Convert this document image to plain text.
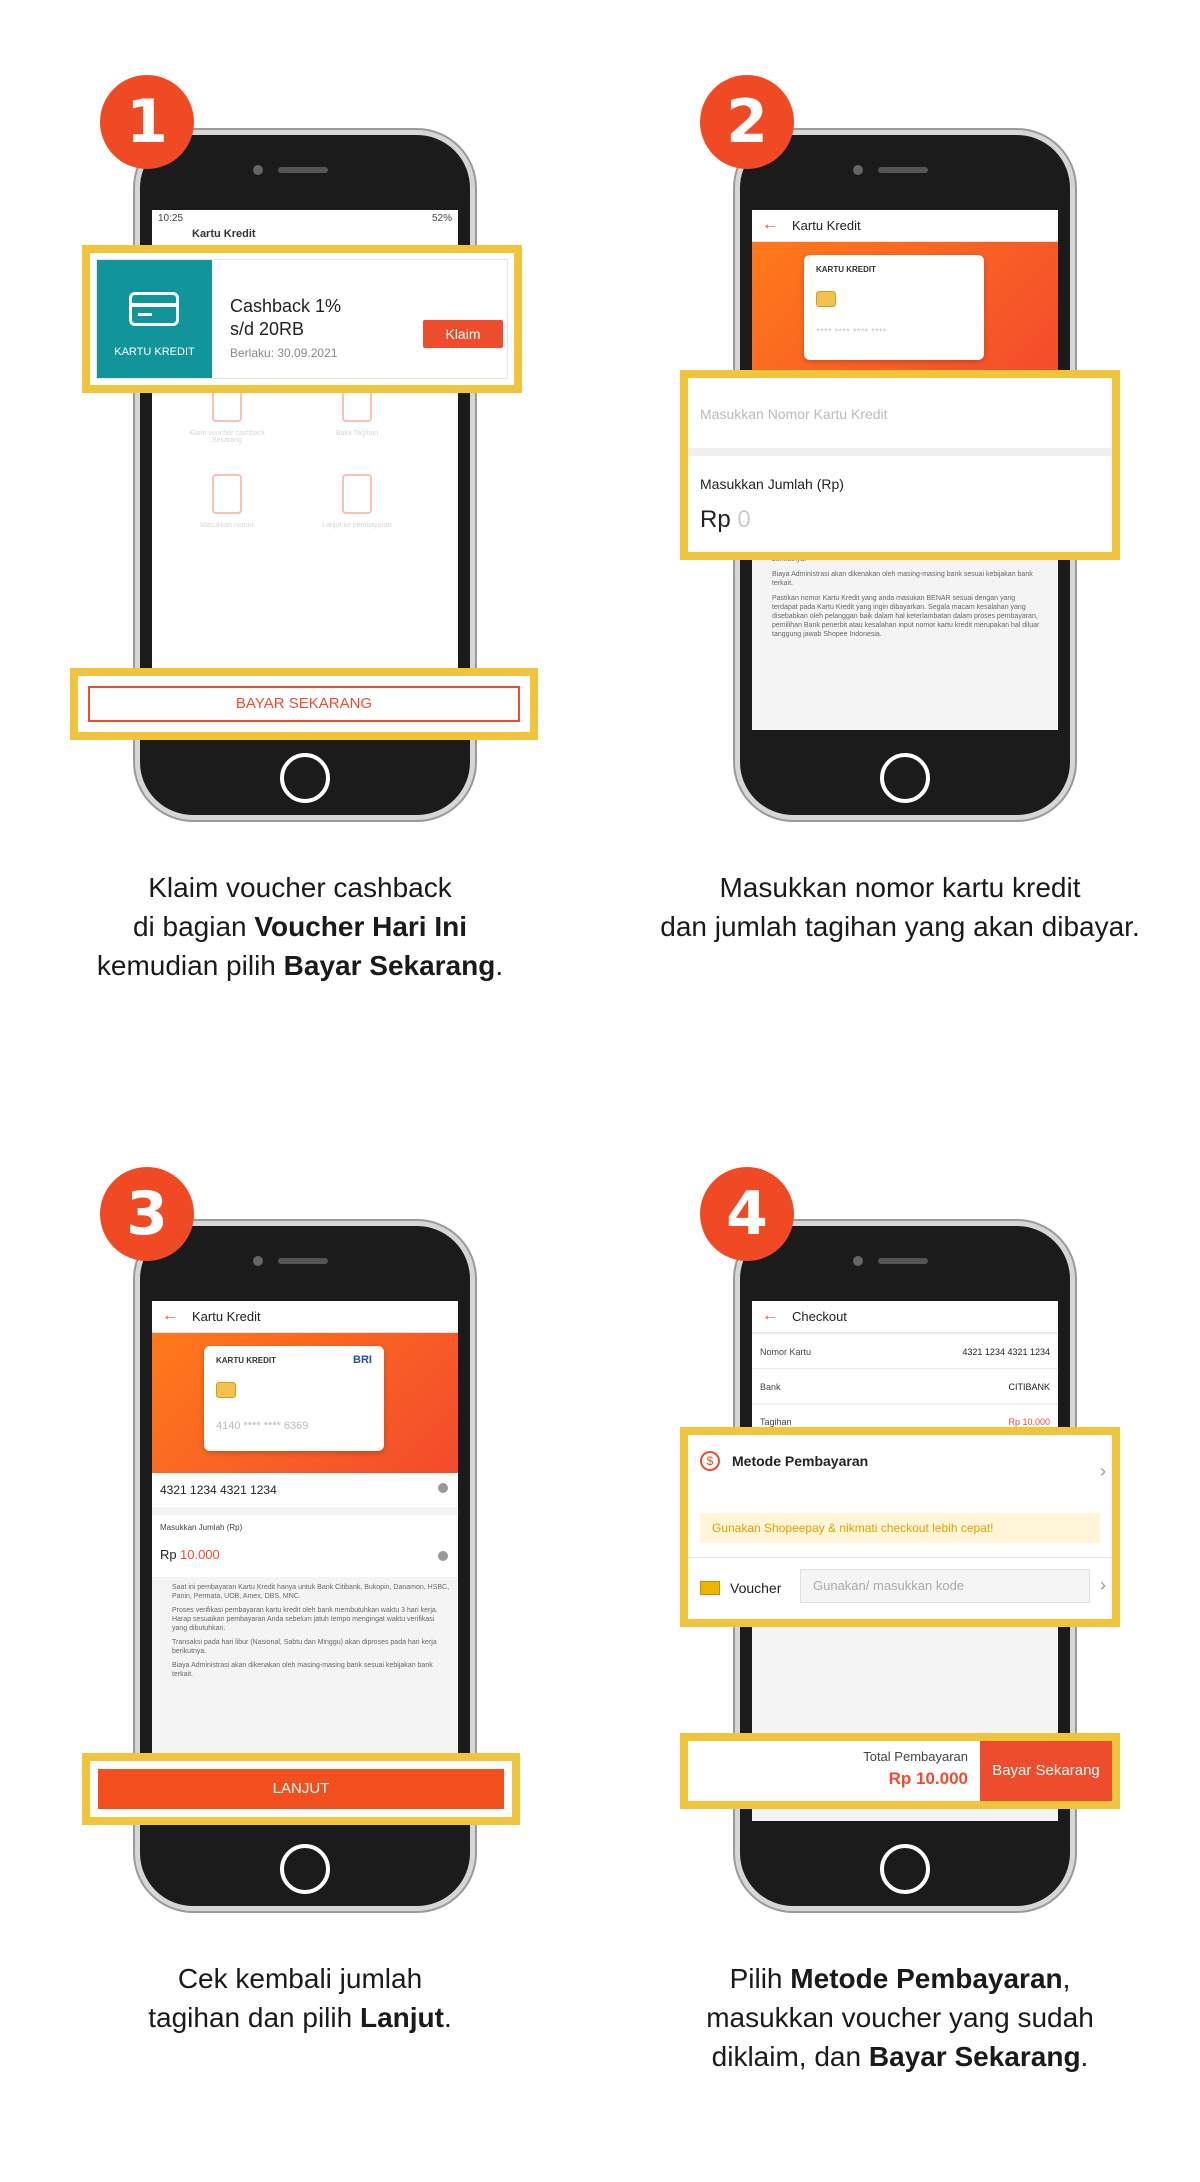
1
10:25	52%
Kartu Kredit
Klaim voucher cashback Sekarang
Buka Tagihan
Masukkan nomor	Lanjut ke pembayaran
KARTU KREDIT
Cashback 1%
s/d 20RB
Berlaku: 30.09.2021
Klaim
BAYAR SEKARANG
Klaim voucher cashback
di bagian Voucher Hari Ini
kemudian pilih Bayar Sekarang.
2
← Kartu Kredit
KARTU KREDIT
**** **** **** ****

Biaya Administrasi akan dikenakan oleh masing-masing bank sesuai kebijakan bank terkait.

Pastikan nomor Kartu Kredit yang anda masukan BENAR sesuai dengan yang terdapat pada Kartu Kredit yang ingin dibayarkan. Segala macam kesalahan yang disebabkan oleh pelanggan baik dalam hal keterlambatan dalam proses pembayaran, pemilihan Bank penerbit atau kesalahan input nomor kartu kredit merupakan hal diluar tanggung jawab Shopee Indonesia.

Masukkan Nomor Kartu Kredit
Masukkan Jumlah (Rp)
Rp 0
Masukkan nomor kartu kredit
dan jumlah tagihan yang akan dibayar.
3
← Kartu Kredit
KARTU KREDIT	BRI
4140 **** **** 6369
4321 1234 4321 1234
Masukkan Jumlah (Rp)
Rp 10.000

Saat ini pembayaran Kartu Kredit hanya untuk Bank Citibank, Bukopin, Danamon, HSBC, Panin, Permata, UOB, Amex, DBS, MNC.

Proses verifikasi pembayaran kartu kredit oleh bank membutuhkan waktu 3 hari kerja. Harap sesuaikan pembayaran Anda sebelum jatuh tempo mengingat waktu verifikasi yang dibutuhkan.

Transaksi pada hari libur (Nasional, Sabtu dan Minggu) akan diproses pada hari kerja berikutnya.

Biaya Administrasi akan dikenakan oleh masing-masing bank sesuai kebijakan bank terkait.

LANJUT
Cek kembali jumlah
tagihan dan pilih Lanjut.
4
← Checkout
Nomor Kartu	4321 1234 4321 1234
Bank	CITIBANK
Tagihan	Rp 10.000
$	Metode Pembayaran	›
Gunakan Shopeepay & nikmati checkout lebih cepat!
Voucher	Gunakan/ masukkan kode	›
Total Pembayaran
Rp 10.000	Bayar Sekarang
Pilih Metode Pembayaran,
masukkan voucher yang sudah
diklaim, dan Bayar Sekarang.
